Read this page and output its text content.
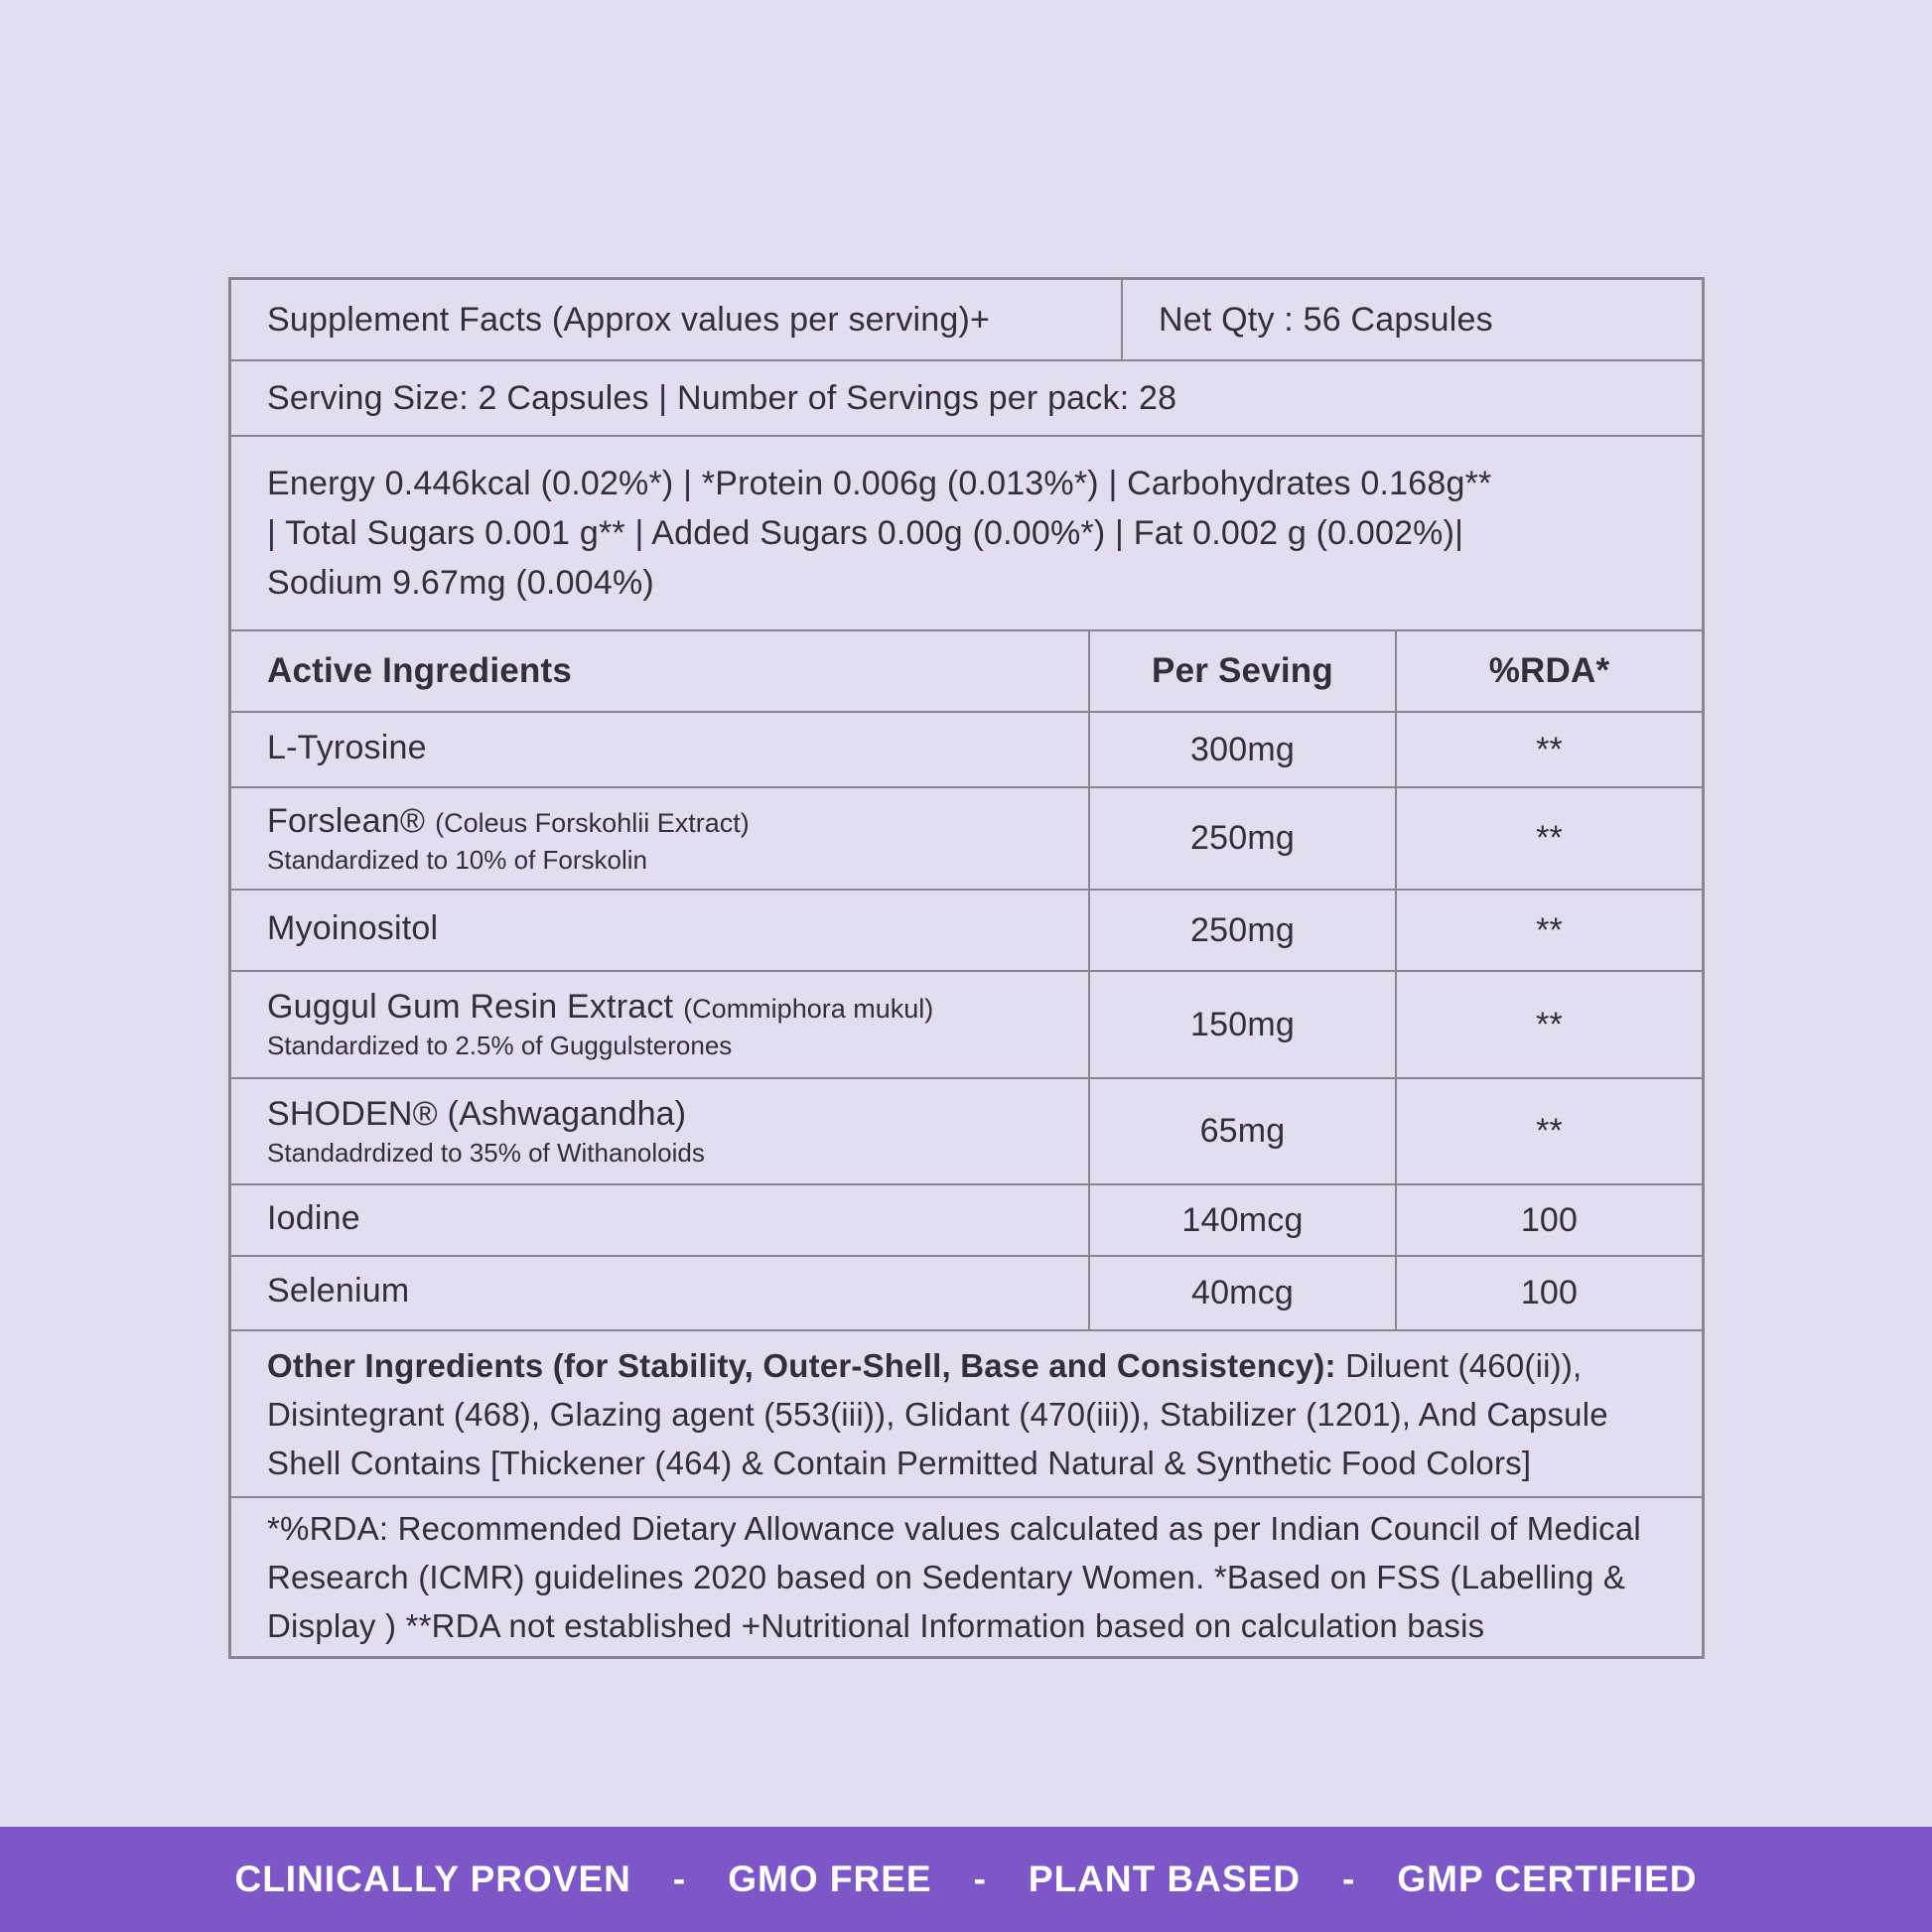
Supplement Facts (Approx values per serving)+	Net Qty : 56 Capsules
Serving Size: 2 Capsules | Number of Servings per pack: 28
Energy 0.446kcal (0.02%*) | *Protein 0.006g (0.013%*) | Carbohydrates 0.168g**
| Total Sugars 0.001 g** | Added Sugars 0.00g (0.00%*) | Fat 0.002 g (0.002%)|
Sodium 9.67mg (0.004%)
Active Ingredients	Per Seving	%RDA*
L-Tyrosine	300mg	**
Forslean® (Coleus Forskohlii Extract)
Standardized to 10% of Forskolin
250mg	**
Myoinositol	250mg	**
Guggul Gum Resin Extract (Commiphora mukul)
Standardized to 2.5% of Guggulsterones
150mg	**
SHODEN® (Ashwagandha)
Standadrdized to 35% of Withanoloids
65mg	**
Iodine	140mcg	100
Selenium	40mcg	100
Other Ingredients (for Stability, Outer-Shell, Base and Consistency): Diluent (460(ii)), Disintegrant (468), Glazing agent (553(iii)), Glidant (470(iii)), Stabilizer (1201), And Capsule Shell Contains [Thickener (464) & Contain Permitted Natural & Synthetic Food Colors]
*%RDA: Recommended Dietary Allowance values calculated as per Indian Council of Medical Research (ICMR) guidelines 2020 based on Sedentary Women. *Based on FSS (Labelling & Display ) **RDA not established +Nutritional Information based on calculation basis
CLINICALLY PROVEN - GMO FREE - PLANT BASED - GMP CERTIFIED
